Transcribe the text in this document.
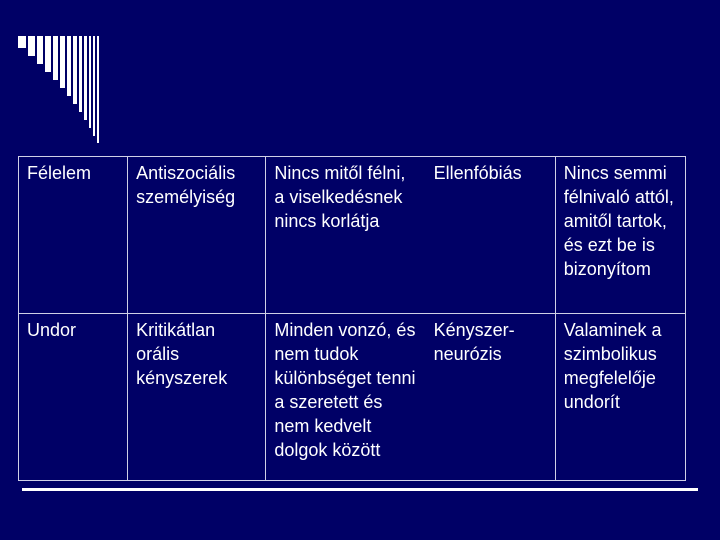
Félelem	Antiszociális személyiség	Nincs mitől félni, a viselkedésnek nincs korlátja	Ellenfóbiás	Nincs semmi félnivaló attól, amitől tartok, és ezt be is bizonyítom
Undor	Kritikátlan orális kényszerek	Minden vonzó, és nem tudok különbséget tenni a szeretett és nem kedvelt dolgok között	Kényszer-neurózis	Valaminek a szimbolikus megfelelője undorít
